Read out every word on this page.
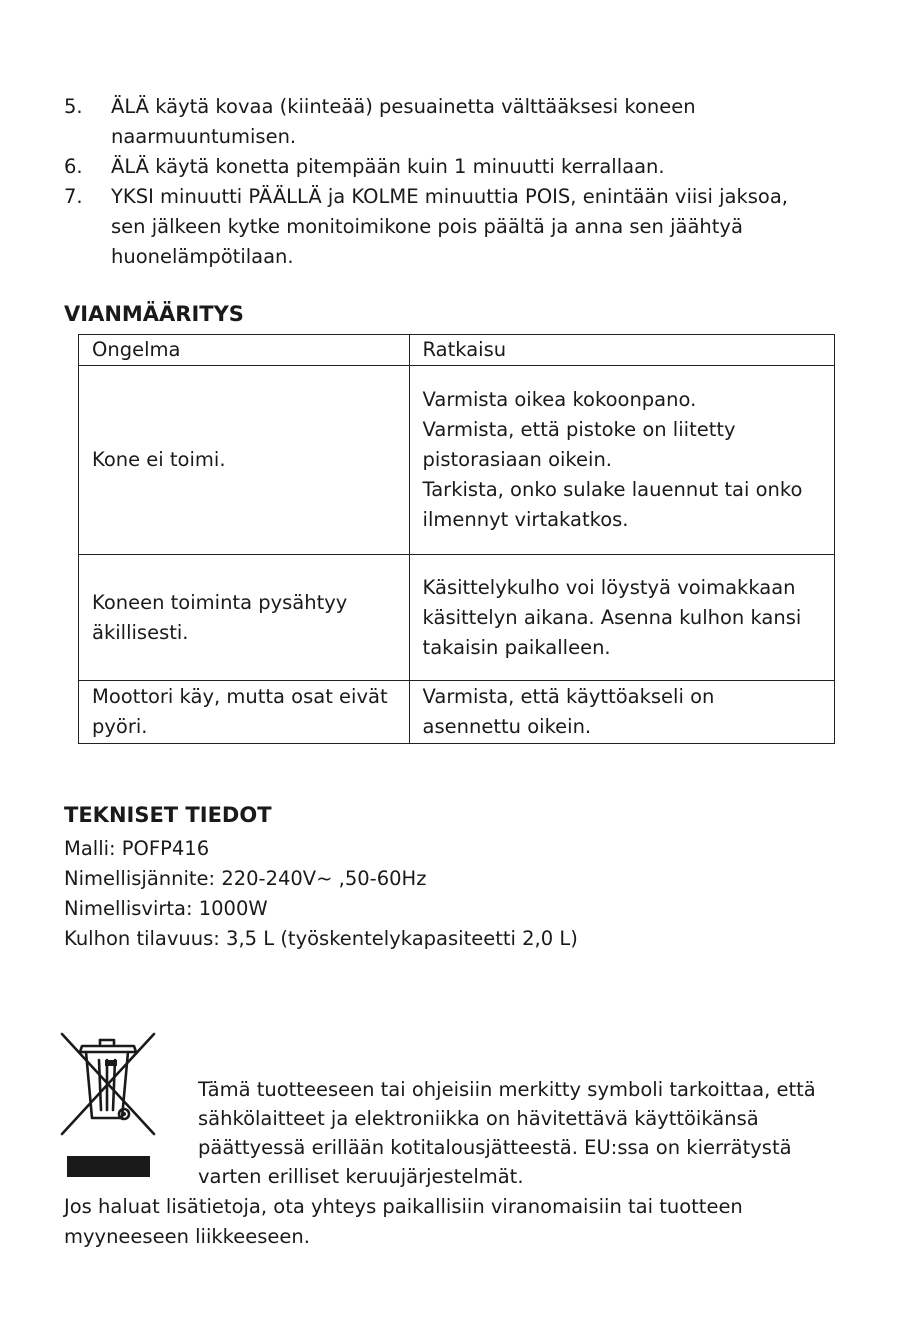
5.	ÄLÄ käytä kovaa (kiinteää) pesuainetta välttääksesi koneen
naarmuuntumisen.
6.	ÄLÄ käytä konetta pitempään kuin 1 minuutti kerrallaan.
7.	YKSI minuutti PÄÄLLÄ ja KOLME minuuttia POIS, enintään viisi jaksoa,
sen jälkeen kytke monitoimikone pois päältä ja anna sen jäähtyä
huonelämpötilaan.
VIANMÄÄRITYS
Ongelma	Ratkaisu

Kone ei toimi.	Varmista oikea kokoonpano.
Varmista, että pistoke on liitetty
pistorasiaan oikein.
Tarkista, onko sulake lauennut tai onko
ilmennyt virtakatkos.

Koneen toiminta pysähtyy
äkillisesti.	Käsittelykulho voi löystyä voimakkaan
käsittelyn aikana. Asenna kulhon kansi
takaisin paikalleen.

Moottori käy, mutta osat eivät
pyöri.	Varmista, että käyttöakseli on
asennettu oikein.
TEKNISET TIEDOT
Malli: POFP416
Nimellisjännite: 220-240V~ ,50-60Hz
Nimellisvirta: 1000W
Kulhon tilavuus: 3,5 L (työskentelykapasiteetti 2,0 L)
Tämä tuotteeseen tai ohjeisiin merkitty symboli tarkoittaa, että
sähkölaitteet ja elektroniikka on hävitettävä käyttöikänsä
päättyessä erillään kotitalousjätteestä. EU:ssa on kierrätystä
varten erilliset keruujärjestelmät.
Jos haluat lisätietoja, ota yhteys paikallisiin viranomaisiin tai tuotteen
myyneeseen liikkeeseen.
